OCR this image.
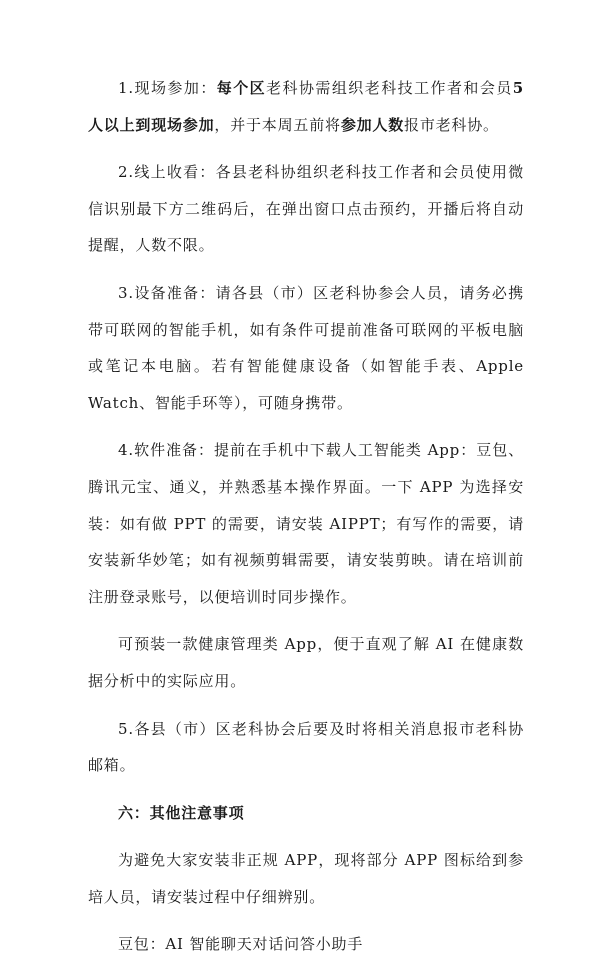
1.现场参加：每个区老科协需组织老科技工作者和会员5人以上到现场参加，并于本周五前将参加人数报市老科协。

2.线上收看：各县老科协组织老科技工作者和会员使用微信识别最下方二维码后，在弹出窗口点击预约，开播后将自动提醒，人数不限。

3.设备准备：请各县（市）区老科协参会人员，请务必携带可联网的智能手机，如有条件可提前准备可联网的平板电脑或笔记本电脑。若有智能健康设备（如智能手表、Apple Watch、智能手环等），可随身携带。

4.软件准备：提前在手机中下载人工智能类 App：豆包、腾讯元宝、通义，并熟悉基本操作界面。一下 APP 为选择安装：如有做 PPT 的需要，请安装 AIPPT；有写作的需要，请安装新华妙笔；如有视频剪辑需要，请安装剪映。请在培训前注册登录账号，以便培训时同步操作。

可预装一款健康管理类 App，便于直观了解 AI 在健康数据分析中的实际应用。

5.各县（市）区老科协会后要及时将相关消息报市老科协邮箱。

六：其他注意事项

为避免大家安装非正规 APP，现将部分 APP 图标给到参培人员，请安装过程中仔细辨别。

豆包：AI 智能聊天对话问答小助手
